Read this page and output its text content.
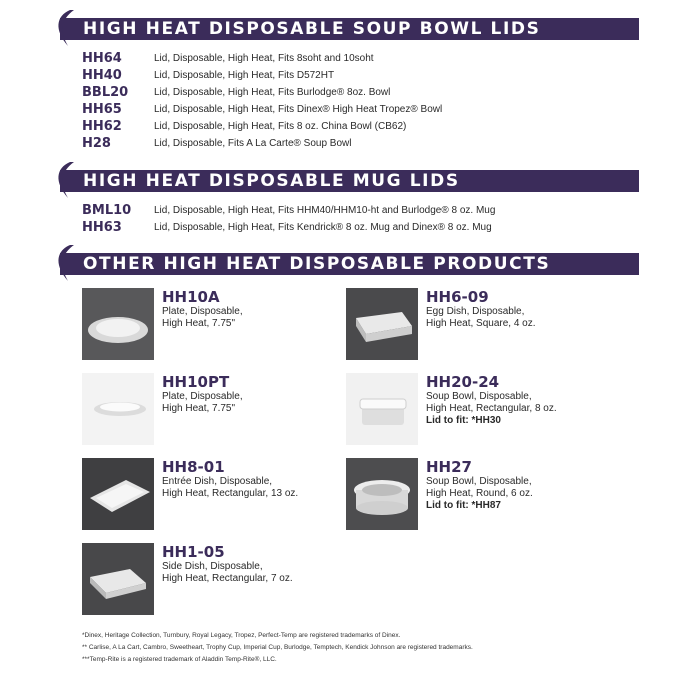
HIGH HEAT DISPOSABLE SOUP BOWL LIDS
HH64	Lid, Disposable, High Heat, Fits 8soht and 10soht
HH40	Lid, Disposable, High Heat, Fits D572HT
BBL20	Lid, Disposable, High Heat, Fits Burlodge® 8oz. Bowl
HH65	Lid, Disposable, High Heat, Fits Dinex® High Heat Tropez® Bowl
HH62	Lid, Disposable, High Heat, Fits 8 oz. China Bowl (CB62)
H28	Lid, Disposable, Fits A La Carte® Soup Bowl
HIGH HEAT DISPOSABLE MUG LIDS
BML10	Lid, Disposable, High Heat, Fits HHM40/HHM10-ht and Burlodge® 8 oz. Mug
HH63	Lid, Disposable, High Heat, Fits Kendrick® 8 oz. Mug and Dinex® 8 oz. Mug
OTHER HIGH HEAT DISPOSABLE PRODUCTS
HH10A
Plate, Disposable,
High Heat, 7.75"
HH6-09
Egg Dish, Disposable,
High Heat, Square, 4 oz.
HH10PT
Plate, Disposable,
High Heat, 7.75"
HH20-24
Soup Bowl, Disposable,
High Heat, Rectangular, 8 oz.
Lid to fit: *HH30
HH8-01
Entrée Dish, Disposable,
High Heat, Rectangular, 13 oz.
HH27
Soup Bowl, Disposable,
High Heat, Round, 6 oz.
Lid to fit: *HH87
HH1-05
Side Dish, Disposable,
High Heat, Rectangular, 7 oz.
*Dinex, Heritage Collection, Turnbury, Royal Legacy, Tropez, Perfect-Temp are registered trademarks of Dinex.
** Carlise, A La Cart, Cambro, Sweetheart, Trophy Cup, Imperial Cup, Burlodge, Temptech, Kendick Johnson are registered trademarks.
***Temp-Rite is a registered trademark of Aladdin Temp-Rite®, LLC.
